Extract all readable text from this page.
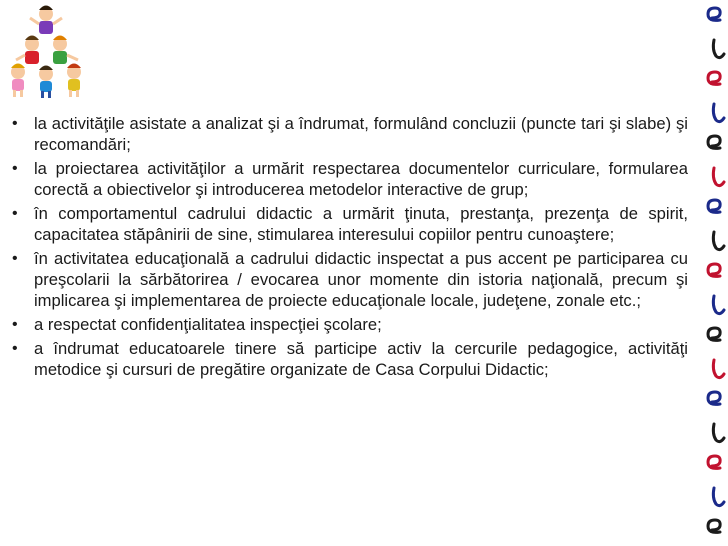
• la activităţile asistate a analizat şi a îndrumat, formulând concluzii (puncte tari şi slabe) şi recomandări;
• la proiectarea activităţilor a urmărit respectarea documentelor curriculare, formularea corectă a obiectivelor şi introducerea metodelor interactive de grup;
• în comportamentul cadrului didactic a urmărit ţinuta, prestanţa, prezenţa de spirit, capacitatea stăpânirii de sine, stimularea interesului copiilor pentru cunoaştere;
• în activitatea educaţională a cadrului didactic inspectat a pus accent pe participarea cu preşcolarii la sărbătorirea / evocarea unor momente din istoria naţională, precum şi implicarea şi implementarea de proiecte educaţionale locale, judeţene, zonale etc.;
• a respectat confidenţialitatea inspecţiei şcolare;
• a îndrumat educatoarele tinere să participe activ la cercurile pedagogice, activităţi metodice şi cursuri de pregătire organizate de Casa Corpului Didactic;
